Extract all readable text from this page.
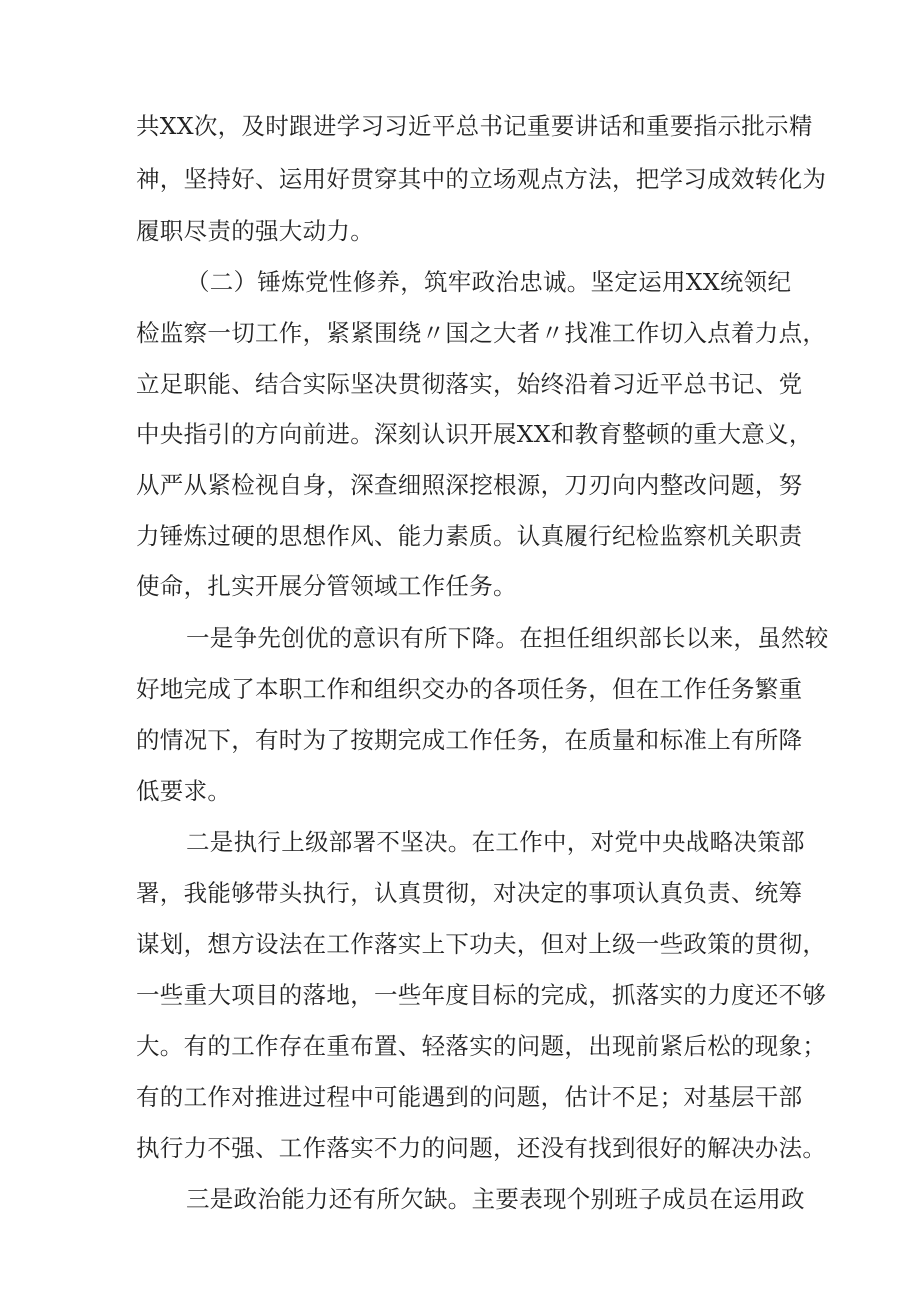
共XX次，及时跟进学习习近平总书记重要讲话和重要指示批示精
神，坚持好、运用好贯穿其中的立场观点方法，把学习成效转化为
履职尽责的强大动力。
（二）锤炼党性修养，筑牢政治忠诚。坚定运用XX统领纪
检监察一切工作，紧紧围绕〃国之大者〃找准工作切入点着力点，
立足职能、结合实际坚决贯彻落实，始终沿着习近平总书记、党
中央指引的方向前进。深刻认识开展XX和教育整顿的重大意义，
从严从紧检视自身，深查细照深挖根源，刀刃向内整改问题，努
力锤炼过硬的思想作风、能力素质。认真履行纪检监察机关职责
使命，扎实开展分管领域工作任务。
一是争先创优的意识有所下降。在担任组织部长以来，虽然较
好地完成了本职工作和组织交办的各项任务，但在工作任务繁重
的情况下，有时为了按期完成工作任务，在质量和标准上有所降
低要求。
二是执行上级部署不坚决。在工作中，对党中央战略决策部
署，我能够带头执行，认真贯彻，对决定的事项认真负责、统筹
谋划，想方设法在工作落实上下功夫，但对上级一些政策的贯彻，
一些重大项目的落地，一些年度目标的完成，抓落实的力度还不够
大。有的工作存在重布置、轻落实的问题，出现前紧后松的现象；
有的工作对推进过程中可能遇到的问题，估计不足；对基层干部
执行力不强、工作落实不力的问题，还没有找到很好的解决办法。
三是政治能力还有所欠缺。主要表现个别班子成员在运用政
